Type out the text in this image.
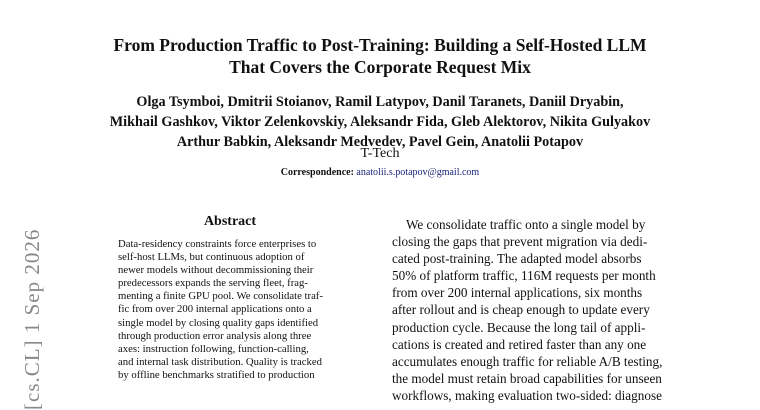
From Production Traffic to Post-Training: Building a Self-Hosted LLM
That Covers the Corporate Request Mix
Olga Tsymboi, Dmitrii Stoianov, Ramil Latypov, Danil Taranets, Daniil Dryabin,
Mikhail Gashkov, Viktor Zelenkovskiy, Aleksandr Fida, Gleb Alektorov, Nikita Gulyakov
Arthur Babkin, Aleksandr Medvedev, Pavel Gein, Anatolii Potapov
T-Tech
Correspondence: anatolii.s.potapov@gmail.com
Abstract
Data-residency constraints force enterprises to
self-host LLMs, but continuous adoption of
newer models without decommissioning their
predecessors expands the serving fleet, frag-
menting a finite GPU pool. We consolidate traf-
fic from over 200 internal applications onto a
single model by closing quality gaps identified
through production error analysis along three
axes: instruction following, function-calling,
and internal task distribution. Quality is tracked
by offline benchmarks stratified to production
We consolidate traffic onto a single model by
closing the gaps that prevent migration via dedi-
cated post-training. The adapted model absorbs
50% of platform traffic, 116M requests per month
from over 200 internal applications, six months
after rollout and is cheap enough to update every
production cycle. Because the long tail of appli-
cations is created and retired faster than any one
accumulates enough traffic for reliable A/B testing,
the model must retain broad capabilities for unseen
workflows, making evaluation two-sided: diagnose
[cs.CL] 1 Sep 2026
